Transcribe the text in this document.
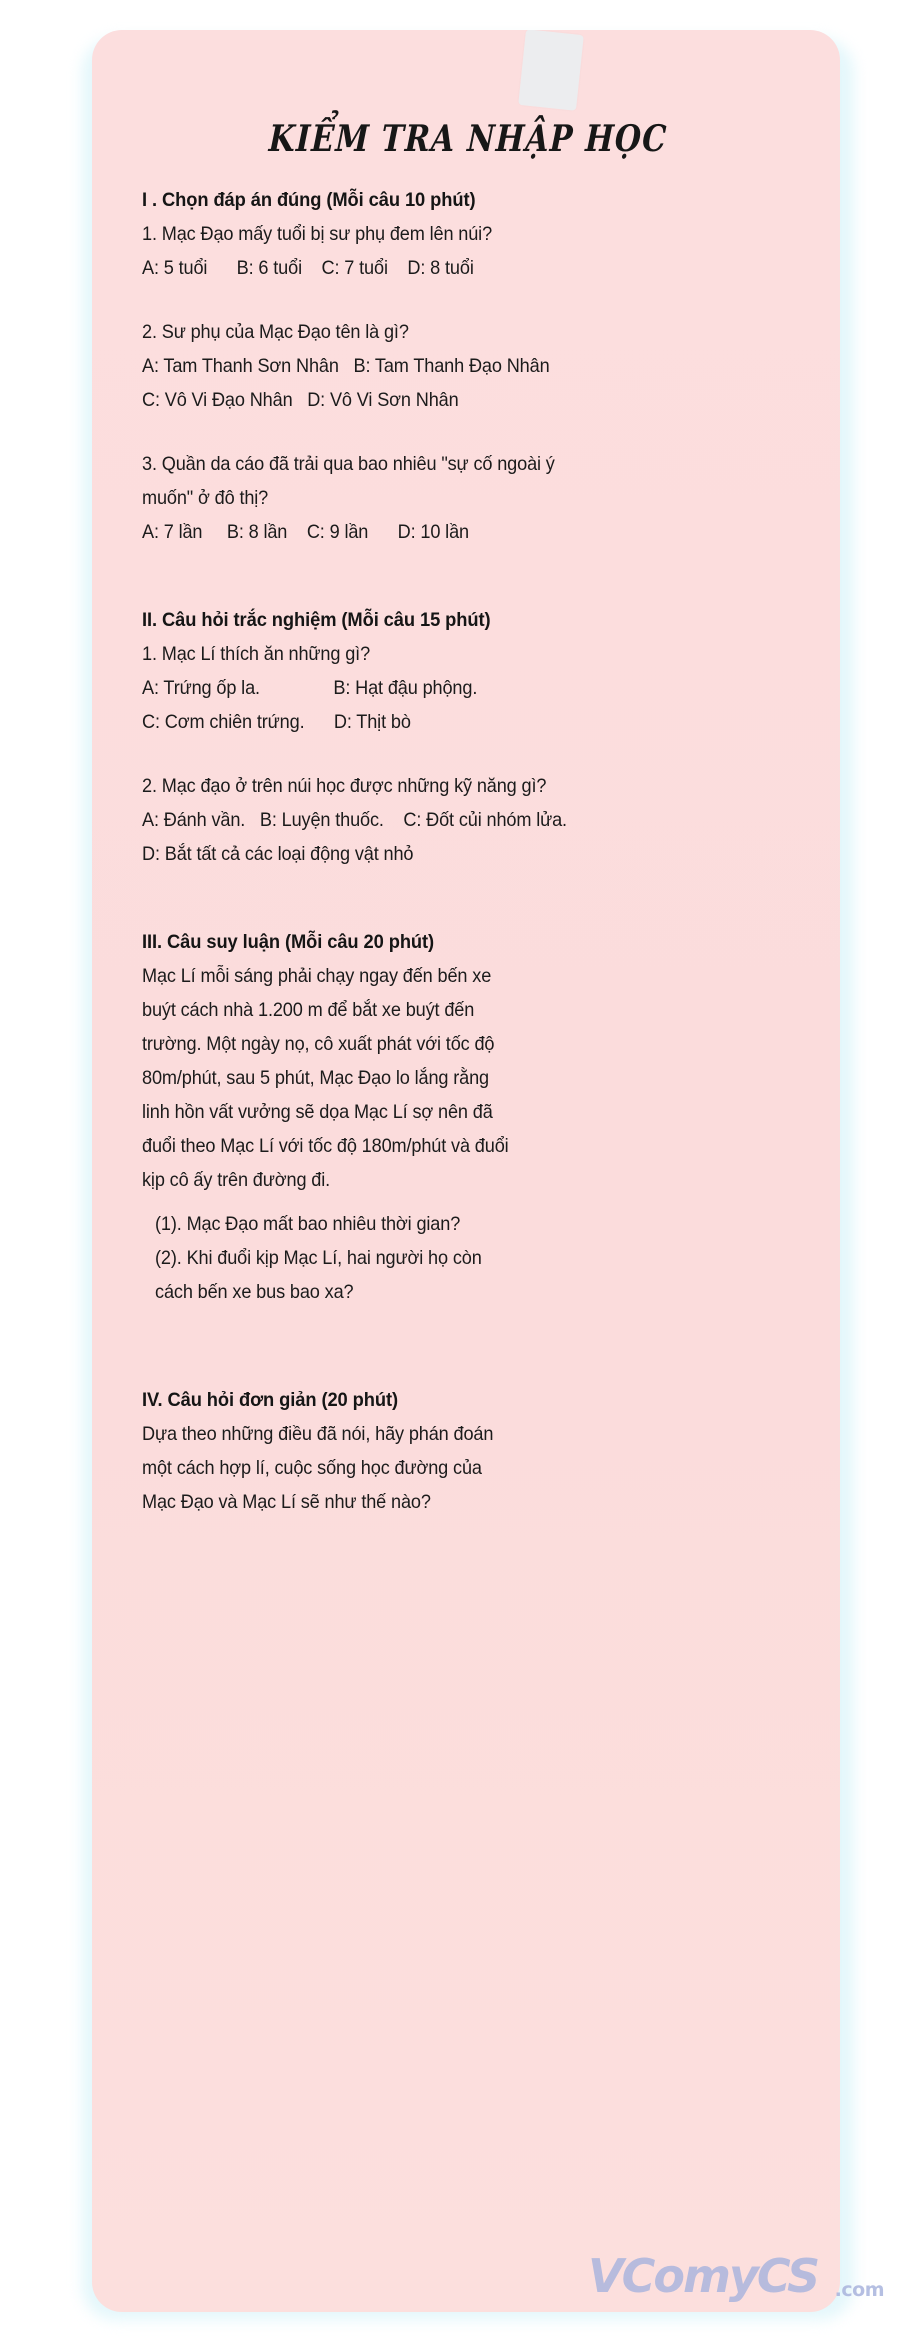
KIỂM TRA NHẬP HỌC
I . Chọn đáp án đúng (Mỗi câu 10 phút)
1. Mạc Đạo mấy tuổi bị sư phụ đem lên núi?
A: 5 tuổi      B: 6 tuổi    C: 7 tuổi    D: 8 tuổi
2. Sư phụ của Mạc Đạo tên là gì?
A: Tam Thanh Sơn Nhân   B: Tam Thanh Đạo Nhân
C: Vô Vi Đạo Nhân   D: Vô Vi Sơn Nhân
3. Quần da cáo đã trải qua bao nhiêu "sự cố ngoài ý
muốn" ở đô thị?
A: 7 lần     B: 8 lần    C: 9 lần      D: 10 lần
II. Câu hỏi trắc nghiệm (Mỗi câu 15 phút)
1. Mạc Lí thích ăn những gì?
A: Trứng ốp la.               B: Hạt đậu phộng.
C: Cơm chiên trứng.      D: Thịt bò
2. Mạc đạo ở trên núi học được những kỹ năng gì?
A: Đánh vần.   B: Luyện thuốc.    C: Đốt củi nhóm lửa.
D: Bắt tất cả các loại động vật nhỏ
III. Câu suy luận (Mỗi câu 20 phút)
Mạc Lí mỗi sáng phải chạy ngay đến bến xe
buýt cách nhà 1.200 m để bắt xe buýt đến
trường. Một ngày nọ, cô xuất phát với tốc độ
80m/phút, sau 5 phút, Mạc Đạo lo lắng rằng
linh hồn vất vưởng sẽ dọa Mạc Lí sợ nên đã
đuổi theo Mạc Lí với tốc độ 180m/phút và đuổi
kịp cô ấy trên đường đi.
(1). Mạc Đạo mất bao nhiêu thời gian?
(2). Khi đuổi kịp Mạc Lí, hai người họ còn
cách bến xe bus bao xa?
IV. Câu hỏi đơn giản (20 phút)
Dựa theo những điều đã nói, hãy phán đoán
một cách hợp lí, cuộc sống học đường của
Mạc Đạo và Mạc Lí sẽ như thế nào?
VComyCS .com
